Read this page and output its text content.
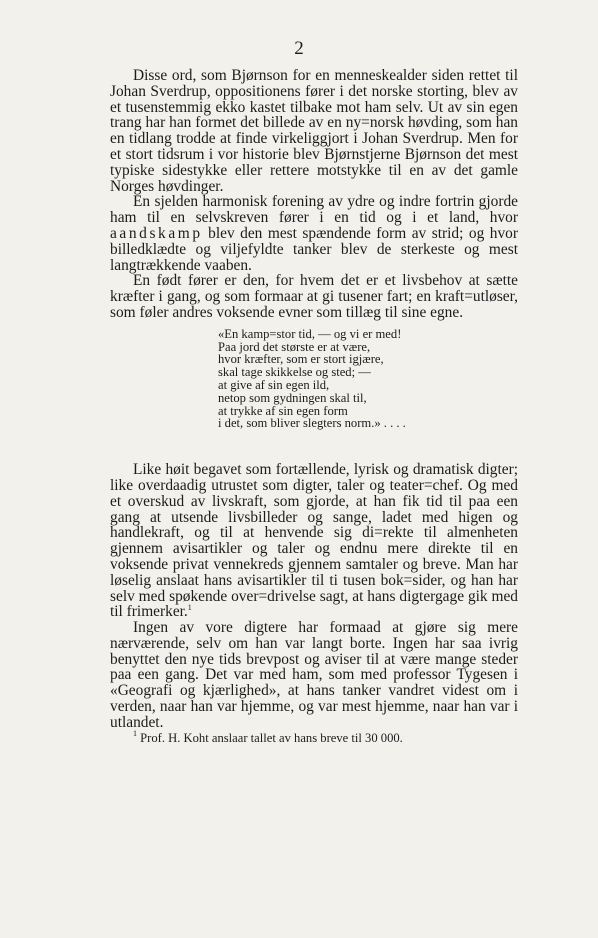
2

Disse ord, som Bjørnson for en menneskealder siden rettet til Johan Sverdrup, oppositionens fører i det norske storting, blev av et tusenstemmig ekko kastet tilbake mot ham selv. Ut av sin egen trang har han formet det billede av en ny=norsk høvding, som han en tidlang trodde at finde virkeliggjort i Johan Sverdrup. Men for et stort tidsrum i vor historie blev Bjørnstjerne Bjørnson det mest typiske sidestykke eller rettere motstykke til en av det gamle Norges høvdinger.

En sjelden harmonisk forening av ydre og indre fortrin gjorde ham til en selvskreven fører i en tid og i et land, hvor aandskamp blev den mest spændende form av strid; og hvor billedklædte og viljefyldte tanker blev de sterkeste og mest langtrækkende vaaben.

En født fører er den, for hvem det er et livsbehov at sætte kræfter i gang, og som formaar at gi tusener fart; en kraft=utløser, som føler andres voksende evner som tillæg til sine egne.

«En kamp=stor tid, — og vi er med!
Paa jord det største er at være,
hvor kræfter, som er stort igjære,
skal tage skikkelse og sted; —
at give af sin egen ild,
netop som gydningen skal til,
at trykke af sin egen form
i det, som bliver slegters norm.» . . . .

Like høit begavet som fortællende, lyrisk og dramatisk digter; like overdaadig utrustet som digter, taler og teater=chef. Og med et overskud av livskraft, som gjorde, at han fik tid til paa een gang at utsende livsbilleder og sange, ladet med higen og handlekraft, og til at henvende sig di=rekte til almenheten gjennem avisartikler og taler og endnu mere direkte til en voksende privat vennekreds gjennem samtaler og breve. Man har løselig anslaat hans avisartikler til ti tusen bok=sider, og han har selv med spøkende over=drivelse sagt, at hans digtergage gik med til frimerker.$^1$

Ingen av vore digtere har formaad at gjøre sig mere nærværende, selv om han var langt borte. Ingen har saa ivrig benyttet den nye tids brevpost og aviser til at være mange steder paa een gang. Det var med ham, som med professor Tygesen i «Geografi og kjærlighed», at hans tanker vandret videst om i verden, naar han var hjemme, og var mest hjemme, naar han var i utlandet.

$^1$ Prof. H. Koht anslaar tallet av hans breve til 30 000.
